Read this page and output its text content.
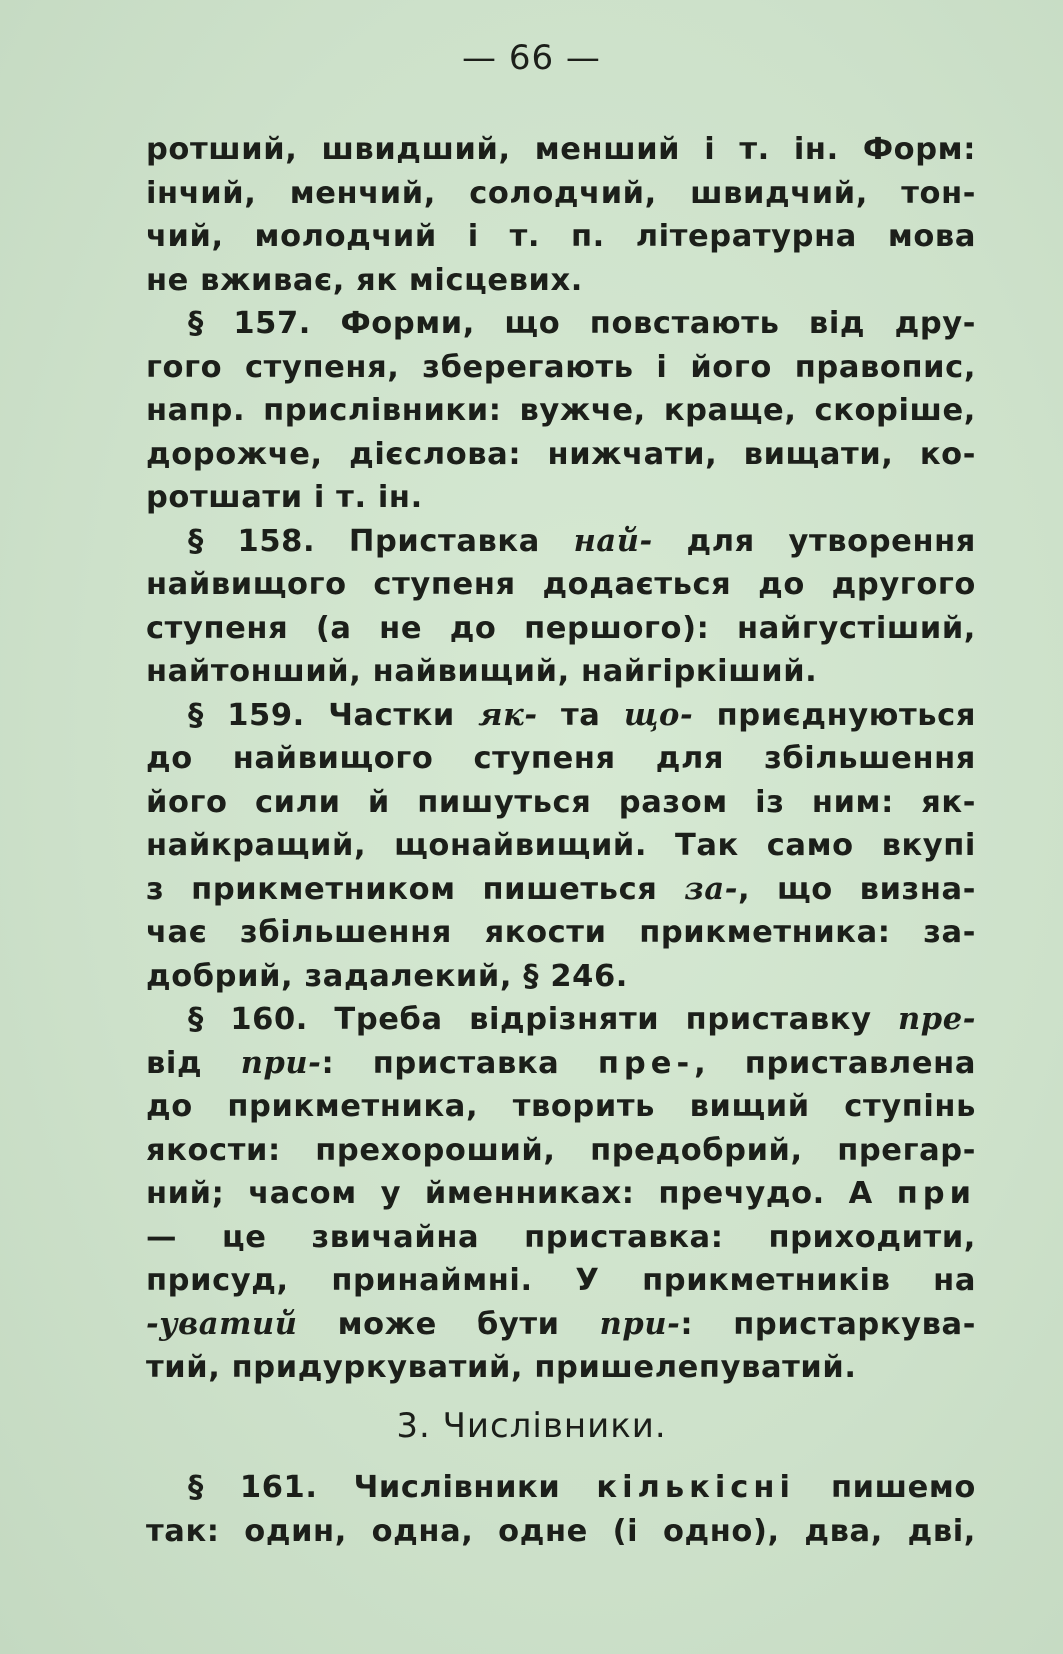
— 66 —
ротший, швидший, менший і т. ін. Форм:
інчий, менчий, солодчий, швидчий, тон-
чий, молодчий і т. п. літературна мова
не вживає, як місцевих.
§ 157. Форми, що повстають від дру-
гого ступеня, зберегають і його правопис,
напр. прислівники: вужче, краще, скоріше,
дорожче, дієслова: нижчати, вищати, ко-
ротшати і т. ін.
§ 158. Приставка най- для утворення
найвищого ступеня додається до другого
ступеня (а не до першого): найгустіший,
найтонший, найвищий, найгіркіший.
§ 159. Частки як- та що- приєднуються
до найвищого ступеня для збільшення
його сили й пишуться разом із ним: як-
найкращий, щонайвищий. Так само вкупі
з прикметником пишеться за-, що визна-
чає збільшення якости прикметника: за-
добрий, задалекий, § 246.
§ 160. Треба відрізняти приставку пре-
від при-: приставка пре-, приставлена
до прикметника, творить вищий ступінь
якости: прехороший, предобрий, прегар-
ний; часом у йменниках: пречудо. А при
— це звичайна приставка: приходити,
присуд, принаймні. У прикметників на
-уватий може бути при-: пристаркува-
тий, придуркуватий, пришелепуватий.
3. Числівники.
§ 161. Числівники кількісні пишемо
так: один, одна, одне (і одно), два, дві,
